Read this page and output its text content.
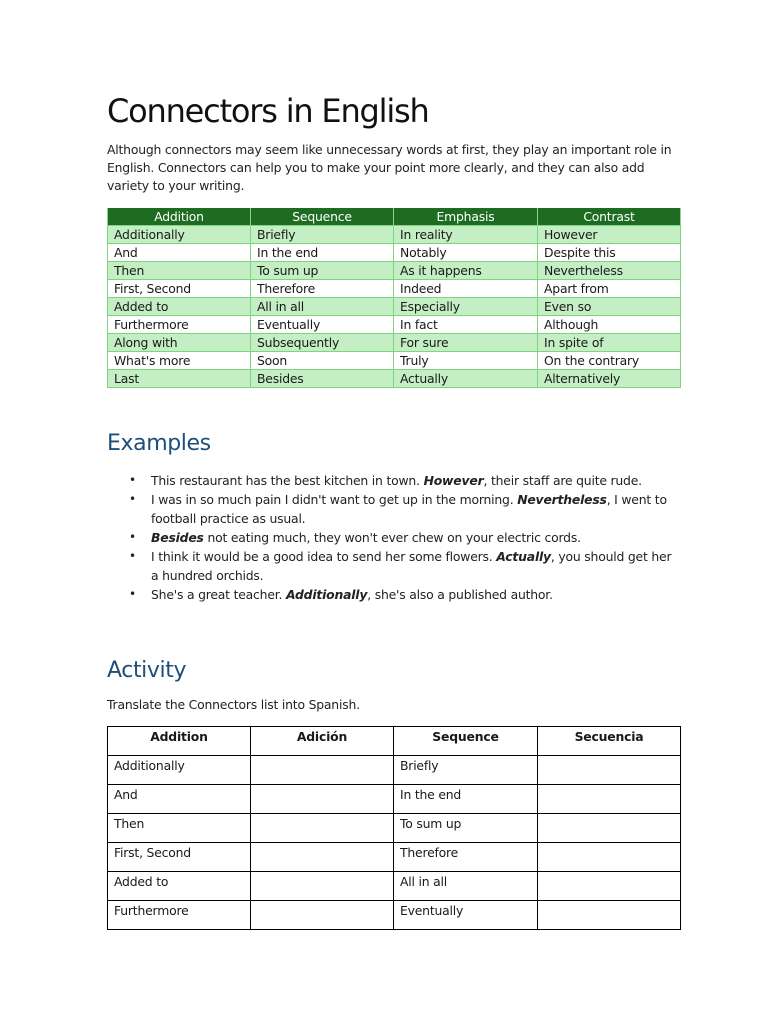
Connectors in English

Although connectors may seem like unnecessary words at first, they play an important role in English. Connectors can help you to make your point more clearly, and they can also add variety to your writing.

Addition	Sequence	Emphasis	Contrast
Additionally	Briefly	In reality	However
And	In the end	Notably	Despite this
Then	To sum up	As it happens	Nevertheless
First, Second	Therefore	Indeed	Apart from
Added to	All in all	Especially	Even so
Furthermore	Eventually	In fact	Although
Along with	Subsequently	For sure	In spite of
What's more	Soon	Truly	On the contrary
Last	Besides	Actually	Alternatively
Examples
• This restaurant has the best kitchen in town. However, their staff are quite rude.
• I was in so much pain I didn't want to get up in the morning. Nevertheless, I went to football practice as usual.
• Besides not eating much, they won't ever chew on your electric cords.
• I think it would be a good idea to send her some flowers. Actually, you should get her a hundred orchids.
• She's a great teacher. Additionally, she's also a published author.
Activity

Translate the Connectors list into Spanish.

Addition	Adición	Sequence	Secuencia
Additionally		Briefly	
And		In the end	
Then		To sum up	
First, Second		Therefore	
Added to		All in all	
Furthermore		Eventually	
